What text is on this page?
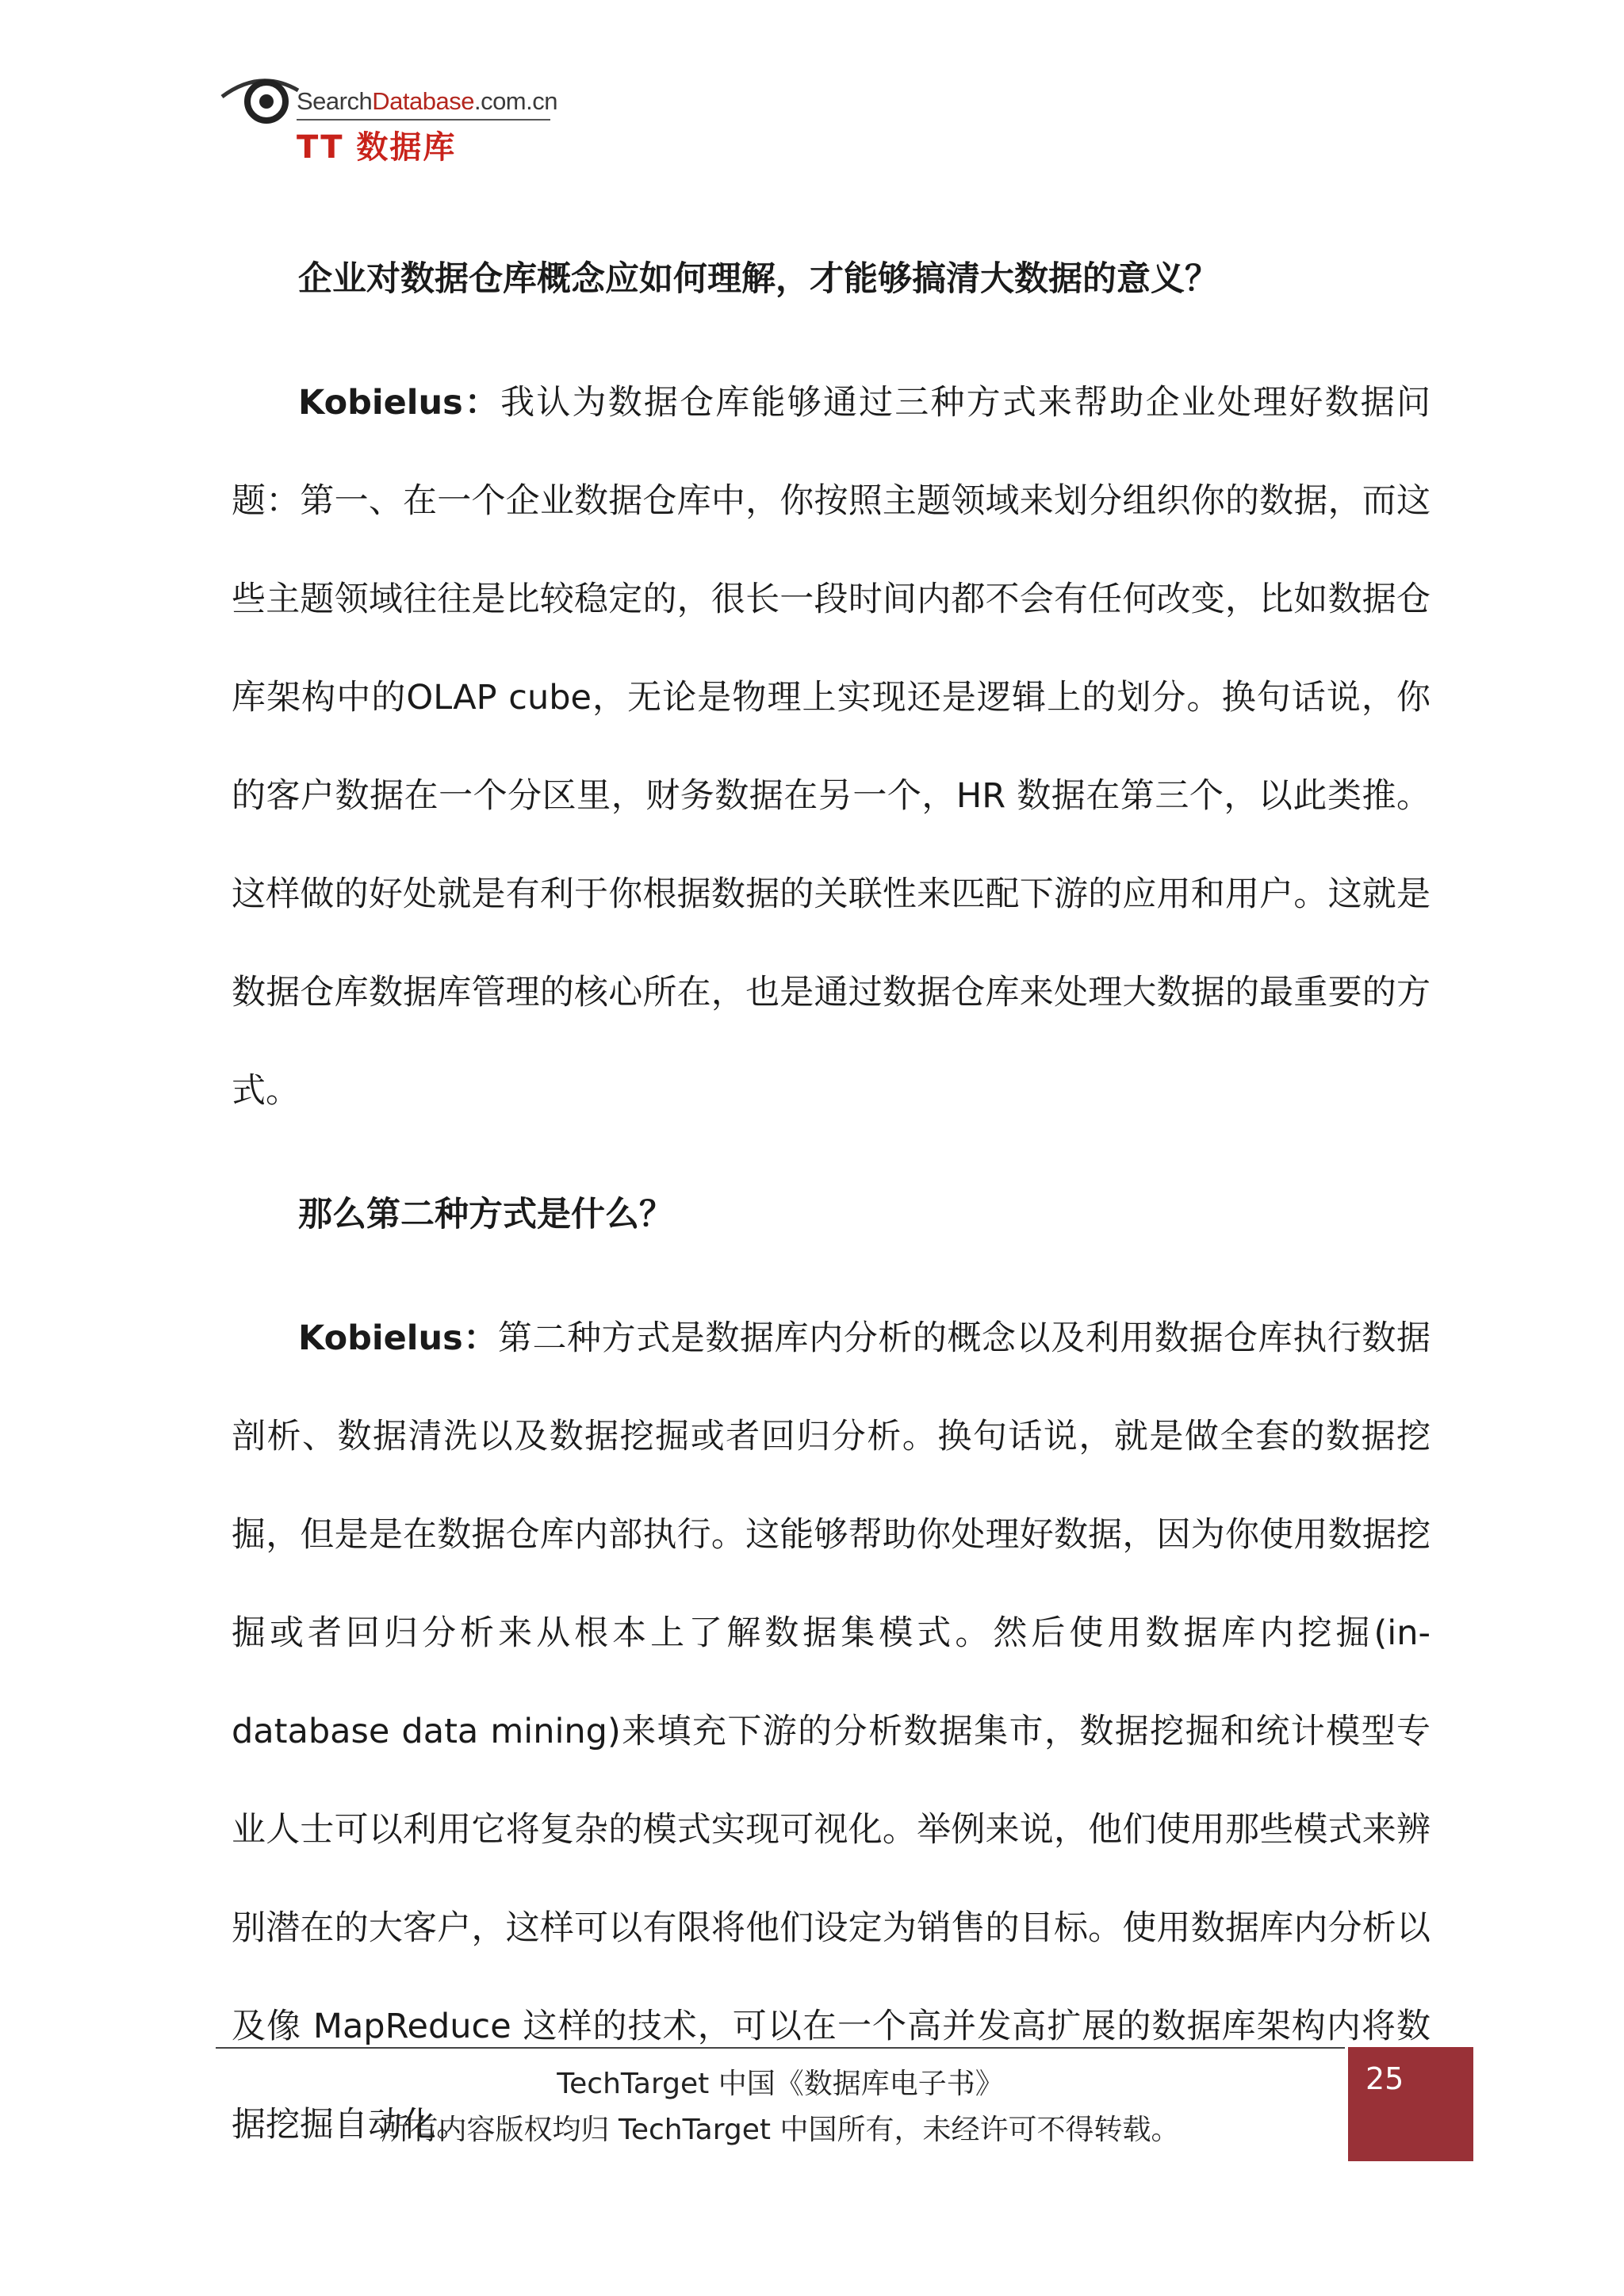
SearchDatabase.com.cn
TT 数据库

企业对数据仓库概念应如何理解，才能够搞清大数据的意义？

Kobielus：我认为数据仓库能够通过三种方式来帮助企业处理好数据问题：第一、在一个企业数据仓库中，你按照主题领域来划分组织你的数据，而这些主题领域往往是比较稳定的，很长一段时间内都不会有任何改变，比如数据仓库架构中的OLAP cube，无论是物理上实现还是逻辑上的划分。换句话说，你的客户数据在一个分区里，财务数据在另一个，HR 数据在第三个，以此类推。这样做的好处就是有利于你根据数据的关联性来匹配下游的应用和用户。这就是数据仓库数据库管理的核心所在，也是通过数据仓库来处理大数据的最重要的方式。

那么第二种方式是什么？

Kobielus：第二种方式是数据库内分析的概念以及利用数据仓库执行数据剖析、数据清洗以及数据挖掘或者回归分析。换句话说，就是做全套的数据挖掘，但是是在数据仓库内部执行。这能够帮助你处理好数据，因为你使用数据挖掘或者回归分析来从根本上了解数据集模式。然后使用数据库内挖掘(in-database data mining)来填充下游的分析数据集市，数据挖掘和统计模型专业人士可以利用它将复杂的模式实现可视化。举例来说，他们使用那些模式来辨别潜在的大客户，这样可以有限将他们设定为销售的目标。使用数据库内分析以及像 MapReduce 这样的技术，可以在一个高并发高扩展的数据库架构内将数据挖掘自动化。

TechTarget 中国《数据库电子书》
所有内容版权均归 TechTarget 中国所有，未经许可不得转载。
25
